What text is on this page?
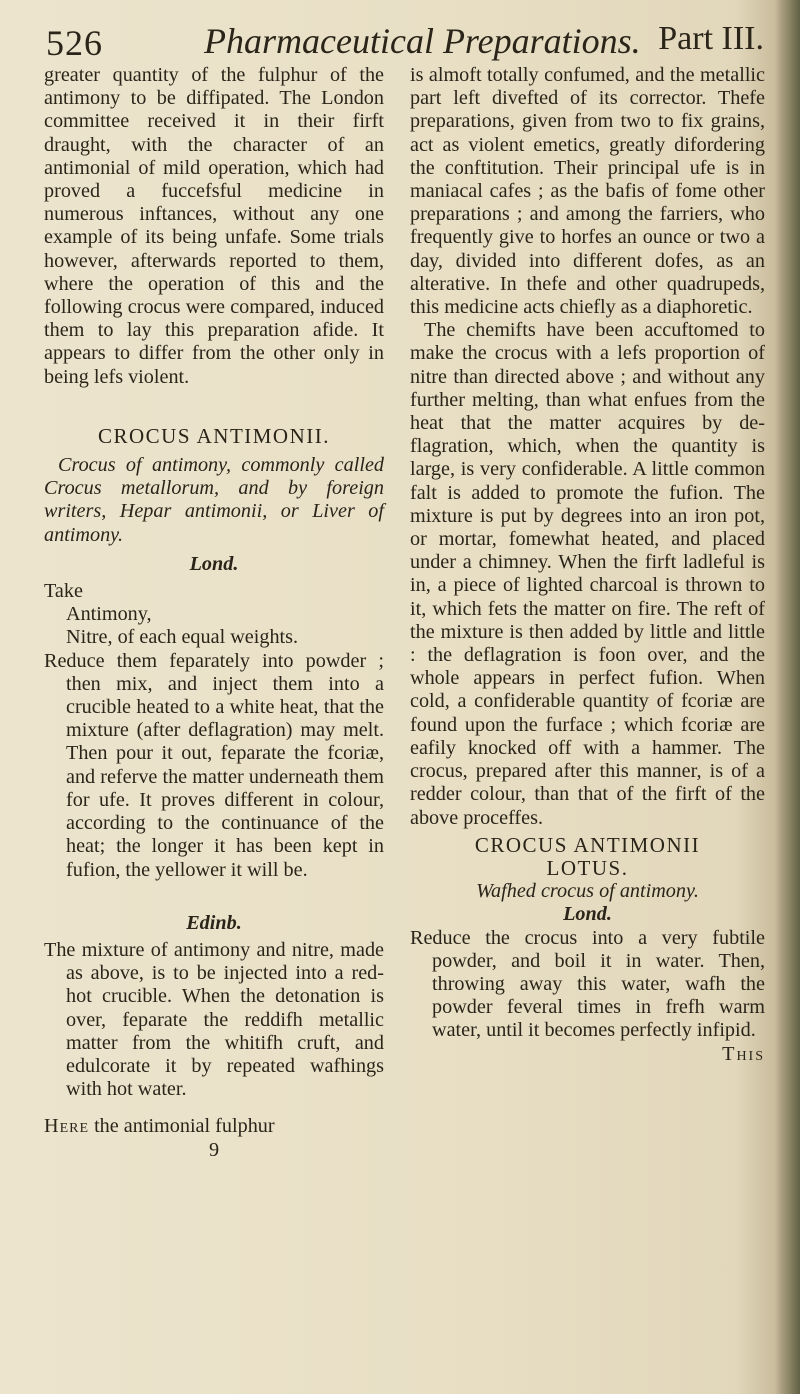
526	Pharmaceutical Preparations. Part III.

greater quantity of the fulphur of the antimony to be diffipated. The London committee received it in their firft draught, with the character of an antimonial of mild operation, which had proved a fuccefsful medicine in numerous inftances, without any one example of its being unfafe. Some trials however, afterwards reported to them, where the operation of this and the following crocus were compared, induced them to lay this preparation afide. It appears to differ from the other only in being lefs violent.

CROCUS ANTIMONII.

Crocus of antimony, commonly called Crocus metallorum, and by foreign writers, Hepar antimonii, or Liver of antimony.

Lond.

Take

Antimony,

Nitre, of each equal weights.

Reduce them feparately into powder ; then mix, and inject them into a crucible heated to a white heat, that the mixture (after deflagration) may melt. Then pour it out, feparate the fcoriæ, and referve the matter underneath them for ufe. It proves different in colour, according to the continuance of the heat; the longer it has been kept in fufion, the yellower it will be.

Edinb.

The mixture of antimony and nitre, made as above, is to be injected into a red-hot crucible. When the detonation is over, feparate the reddifh metallic matter from the whitifh cruft, and edulcorate it by repeated wafhings with hot water.

Here the antimonial fulphur

9

is almoft totally confumed, and the metallic part left divefted of its corrector. Thefe preparations, given from two to fix grains, act as violent emetics, greatly difordering the conftitution. Their principal ufe is in maniacal cafes ; as the bafis of fome other preparations ; and among the farriers, who frequently give to horfes an ounce or two a day, divided into different dofes, as an alterative. In thefe and other quadrupeds, this medicine acts chiefly as a diaphoretic.

The chemifts have been accuftomed to make the crocus with a lefs proportion of nitre than directed above ; and without any further melting, than what enfues from the heat that the matter acquires by deflagration, which, when the quantity is large, is very confiderable. A little common falt is added to promote the fufion. The mixture is put by degrees into an iron pot, or mortar, fomewhat heated, and placed under a chimney. When the firft ladleful is in, a piece of lighted charcoal is thrown to it, which fets the matter on fire. The reft of the mixture is then added by little and little : the deflagration is foon over, and the whole appears in perfect fufion. When cold, a confiderable quantity of fcoriæ are found upon the furface ; which fcoriæ are eafily knocked off with a hammer. The crocus, prepared after this manner, is of a redder colour, than that of the firft of the above proceffes.

CROCUS ANTIMONII
LOTUS.
Wafhed crocus of antimony.
Lond.

Reduce the crocus into a very fubtile powder, and boil it in water. Then, throwing away this water, wafh the powder feveral times in frefh warm water, until it becomes perfectly infipid.

This
